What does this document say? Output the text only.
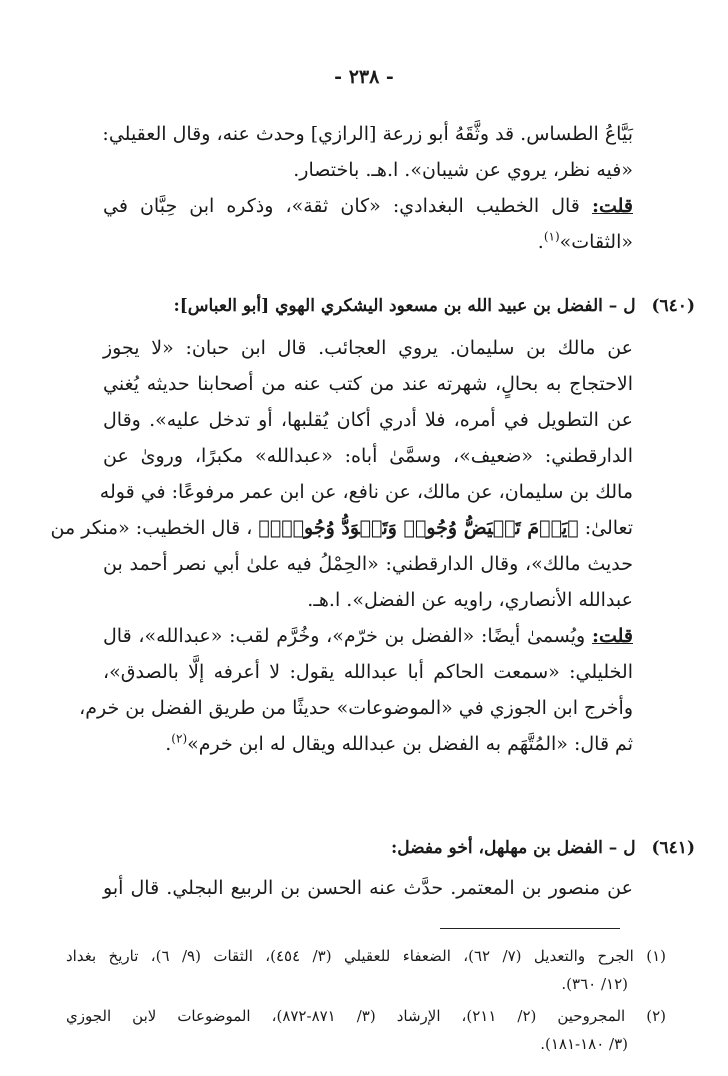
- ٢٣٨ -
بَيَّاعُ الطساس. قد وثَّقَهُ أبو زرعة [الرازي] وحدث عنه، وقال العقيلي:
«فيه نظر، يروي عن شيبان». ا.هـ. باختصار.
قلت: قال الخطيب البغدادي: «كان ثقة»، وذكره ابن حِبَّان في
«الثقات»$^{(١)}$.
(٦٤٠) ل – الفضل بن عبيد الله بن مسعود اليشكري الهوي [أبو العباس]:
عن مالك بن سليمان. يروي العجائب. قال ابن حبان: «لا يجوز
الاحتجاج به بحالٍ، شهرته عند من كتب عنه من أصحابنا حديثه يُغني
عن التطويل في أمره، فلا أدري أكان يُقلبها، أو تدخل عليه». وقال
الدارقطني: «ضعيف»، وسمَّىٰ أباه: «عبدالله» مكبرًا، وروىٰ عن
مالك بن سليمان، عن مالك، عن نافع، عن ابن عمر مرفوعًا: في قوله
تعالىٰ: ﴿يَوۡمَ تَبۡيَضُّ وُجُوهٞ وَتَسۡوَدُّ وُجُوهٞۚ﴾ ، قال الخطيب: «منكر من
حديث مالك»، وقال الدارقطني: «الحِمْلُ فيه علىٰ أبي نصر أحمد بن
عبدالله الأنصاري، راويه عن الفضل». ا.هـ.
قلت: ويُسمىٰ أيضًا: «الفضل بن خرّم»، وخُرَّم لقب: «عبدالله»، قال
الخليلي: «سمعت الحاكم أبا عبدالله يقول: لا أعرفه إلَّا بالصدق»،
وأخرج ابن الجوزي في «الموضوعات» حديثًا من طريق الفضل بن خرم،
ثم قال: «المُتَّهَم به الفضل بن عبدالله ويقال له ابن خرم»$^{(٢)}$.
(٦٤١) ل – الفضل بن مهلهل، أخو مفضل:
عن منصور بن المعتمر. حدَّث عنه الحسن بن الربيع البجلي. قال أبو
(١) الجرح والتعديل (٧/ ٦٢)، الضعفاء للعقيلي (٣/ ٤٥٤)، الثقات (٩/ ٦)، تاريخ بغداد
(١٢/ ٣٦٠).
(٢) المجروحين (٢/ ٢١١)، الإرشاد (٣/ ٨٧١-٨٧٢)، الموضوعات لابن الجوزي
(٣/ ١٨٠-١٨١).
